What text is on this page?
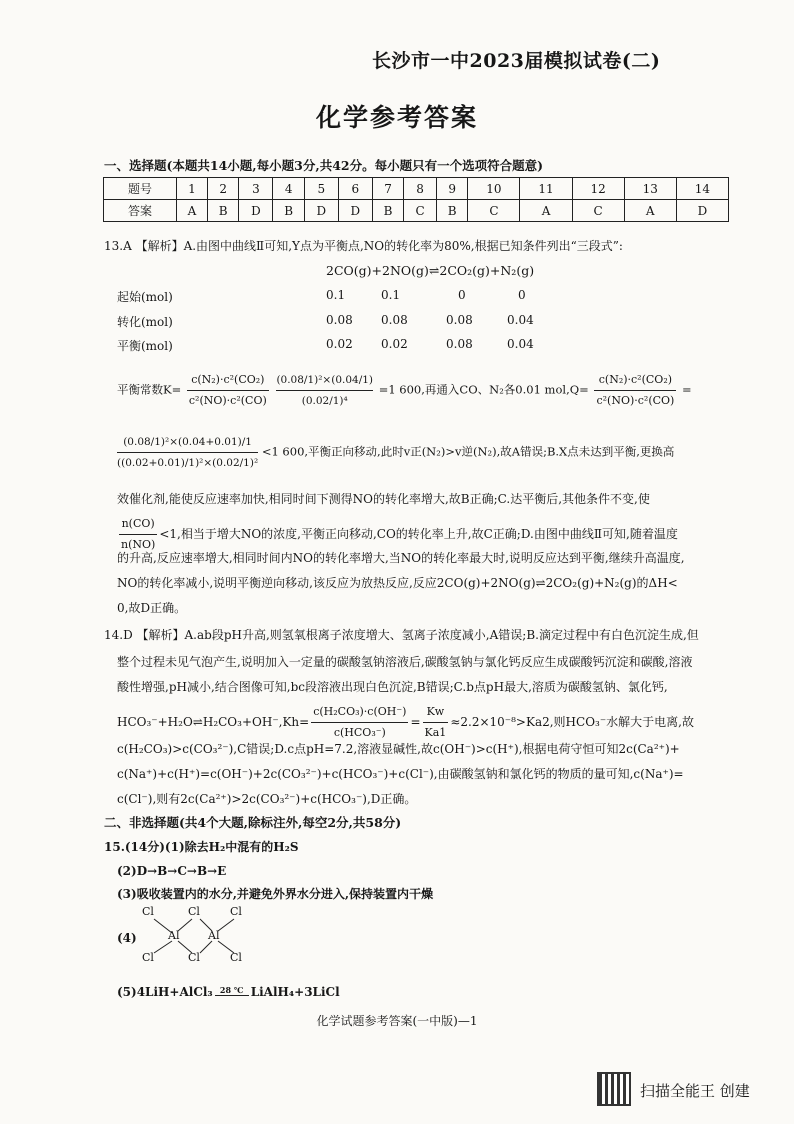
长沙市一中2023届模拟试卷(二)
化学参考答案
一、选择题(本题共14小题,每小题3分,共42分。每小题只有一个选项符合题意)
题号	1	2	3	4	5	6	7	8	9	10	11	12	13	14
答案	A	B	D	B	D	D	B	C	B	C	A	C	A	D
13.A 【解析】A.由图中曲线Ⅱ可知,Y点为平衡点,NO的转化率为80%,根据已知条件列出“三段式”:
2CO(g)+2NO(g)⇌2CO₂(g)+N₂(g)
起始(mol)	0.1	0.1	0	0
转化(mol)	0.08 0.08	0.08	0.04
平衡(mol)	0.02 0.02	0.08	0.04
平衡常数$K= \frac{\text{c(N₂)·c²(CO₂)}}{\text{c²(NO)·c²(CO)}}$
$\frac{\text{(0.08/1)²×(0.04/1)}}{\text{(0.02/1)⁴}} =1$ 600,再通入CO、N₂各0.01 $mol,Q= \frac{\text{c(N₂)·c²(CO₂)}}{\text{c²(NO)·c²(CO)}}$ =
$\frac{\text{(0.08/1)²×(0.04+0.01)/1}}{\text{((0.02+0.01)/1)²×(0.02/1)²}} <1$ 600,平衡正向移动,此时v正(N₂)>v逆(N₂),故A错误;B.X点未达到平衡,更换高
效催化剂,能使反应速率加快,相同时间下测得NO的转化率增大,故B正确;C.达平衡后,其他条件不变,使
$\frac{n(CO)}{n(NO)} <1$,相当于增大NO的浓度,平衡正向移动,CO的转化率上升,故C正确;D.由图中曲线Ⅱ可知,随着温度
的升高,反应速率增大,相同时间内NO的转化率增大,当NO的转化率最大时,说明反应达到平衡,继续升高温度,
NO的转化率减小,说明平衡逆向移动,该反应为放热反应,反应2CO(g)+2NO(g)⇌2CO₂(g)+N₂(g)的ΔH<
0,故D正确。
14.D 【解析】A.ab段pH升高,则氢氧根离子浓度增大、氢离子浓度减小,A错误;B.滴定过程中有白色沉淀生成,但
整个过程未见气泡产生,说明加入一定量的碳酸氢钠溶液后,碳酸氢钠与氯化钙反应生成碳酸钙沉淀和碳酸,溶液
酸性增强,pH减小,结合图像可知,bc段溶液出现白色沉淀,B错误;C.b点pH最大,溶质为碳酸氢钠、氯化钙,
HCO₃⁻+H₂O⇌H₂CO₃+OH⁻,Kh= $\frac{\text{c(H₂CO₃)·c(OH⁻)}}{\text{c(HCO₃⁻)}} = \frac{Kw}{Ka1} \approx 2.2\times 10^{-8}>Ka2$,则HCO₃⁻水解大于电离,故
c(H₂CO₃)>c(CO₃²⁻),C错误;D.c点pH=7.2,溶液显碱性,故c(OH⁻)>c(H⁺),根据电荷守恒可知2c(Ca²⁺)+
c(Na⁺)+c(H⁺)=c(OH⁻)+2c(CO₃²⁻)+c(HCO₃⁻)+c(Cl⁻),由碳酸氢钠和氯化钙的物质的量可知,c(Na⁺)=
c(Cl⁻),则有2c(Ca²⁺)>2c(CO₃²⁻)+c(HCO₃⁻),D正确。
二、非选择题(共4个大题,除标注外,每空2分,共58分)
15.(14分)(1)除去H₂中混有的H₂S
(2)D→B→C→B→E
(3)吸收装置内的水分,并避免外界水分进入,保持装置内干燥
(4)
Cl	Cl	Cl
Al	Al
Cl	Cl	Cl
(5)4LiH+AlCl₃ 28 ℃ LiAlH₄+3LiCl
化学试题参考答案(一中版)—1
扫描全能王 创建
